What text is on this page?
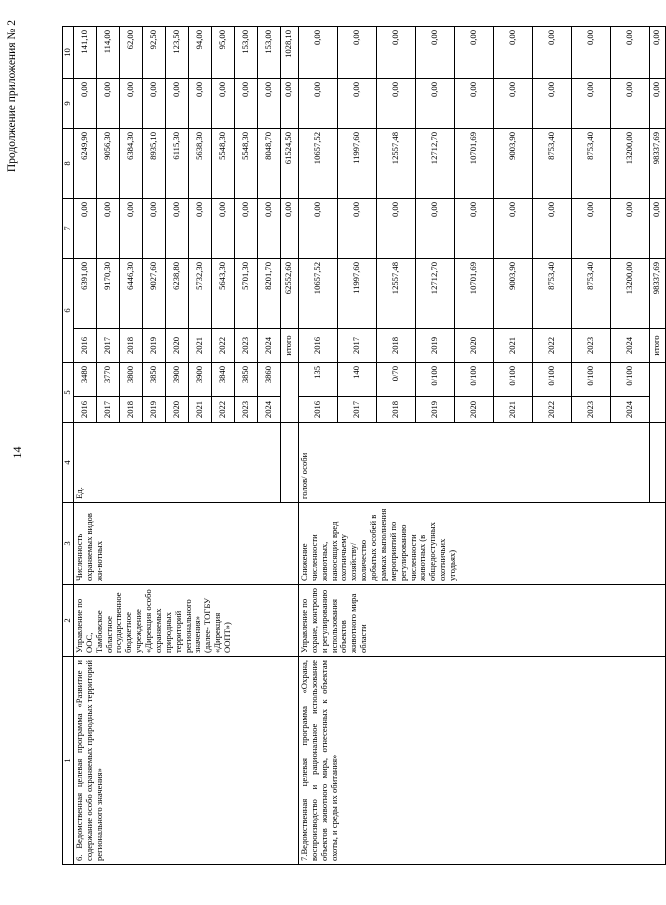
14
Продолжение приложения № 2
1	2	3	4	5		6		7	8	9	10
6. Ведомственная целевая программа «Развитие и содержание особо охраняемых природных территорий регионального значения»	Управление по ООС, Тамбовское областное государственное бюджетное учреждение «Дирекция особо охраняемых природных территорий регионального значения» (далее- ТОГБУ «Дирекция ООПТ»)	Численность охраняемых видов жи-вотных	Ед.	2016	3480	2016	6391,00	0,00	6249,90	0,00	141,10
				2017	3770	2017	9170,30	0,00	9056,30	0,00	114,00
				2018	3800	2018	6446,30	0,00	6384,30	0,00	62,00
				2019	3850	2019	9027,60	0,00	8935,10	0,00	92,50
				2020	3900	2020	6238,80	0,00	6115,30	0,00	123,50
				2021	3900	2021	5732,30	0,00	5638,30	0,00	94,00
				2022	3840	2022	5643,30	0,00	5548,30	0,00	95,00
				2023	3850	2023	5701,30	0,00	5548,30	0,00	153,00
				2024	3860	2024	8201,70	0,00	8048,70	0,00	153,00
						итого	62552,60	0,00	61524,50	0,00	1028,10
7.Ведомственная целевая программа «Охрана, воспроизводство и рациональное использование объектов животного мира, отнесенных к объектам охоты, и среды их обитания»	Управление по охране, контролю и регулированию использования объектов животного мира области	Снижение численности животных, наносящих вред охотничьему хозяйству/количество добытых особей в рамках выполнения мероприятий по регулированию численности животных (в общедоступных охотничьих угодьях)	голов/ особи	2016	135	2016	10657,52	0,00	10657,52	0,00	0,00
				2017	140	2017	11997,60	0,00	11997,60	0,00	0,00
				2018	0/70	2018	12557,48	0,00	12557,48	0,00	0,00
				2019	0/100	2019	12712,70	0,00	12712,70	0,00	0,00
				2020	0/100	2020	10701,69	0,00	10701,69	0,00	0,00
				2021	0/100	2021	9003,90	0,00	9003,90	0,00	0,00
				2022	0/100	2022	8753,40	0,00	8753,40	0,00	0,00
				2023	0/100	2023	8753,40	0,00	8753,40	0,00	0,00
				2024	0/100	2024	13200,00	0,00	13200,00	0,00	0,00
						итого	98337,69	0,00	98337,69	0,00	0,00
